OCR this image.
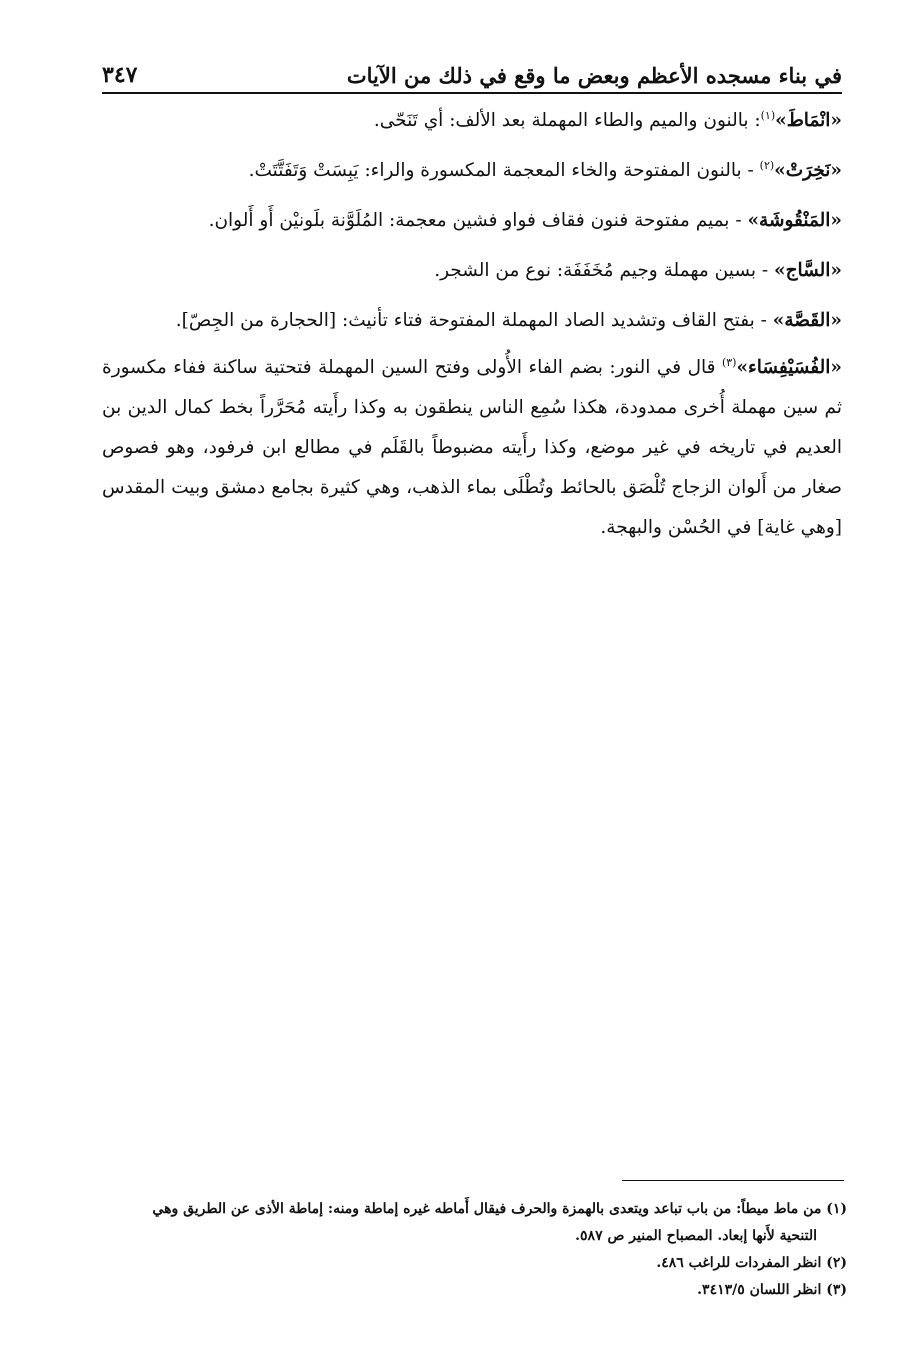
في بناء مسجده الأعظم وبعض ما وقع في ذلك من الآيات
٣٤٧

«انْمَاطَ»$^{(١)}$: بالنون والميم والطاء المهملة بعد الألف: أي تَنَحّى.

«نَخِرَتْ»$^{(٢)}$ - بالنون المفتوحة والخاء المعجمة المكسورة والراء: يَبِسَتْ وَتَفَتَّتَتْ.

«المَنْقُوشَة» - بميم مفتوحة فنون فقاف فواو فشين معجمة: المُلَوَّنة بلَونيْن أَو أَلوان.

«السَّاج» - بسين مهملة وجيم مُخَفَفَة: نوع من الشجر.

«القَصَّة» - بفتح القاف وتشديد الصاد المهملة المفتوحة فتاء تأنيث: [الحجارة من الجِصّ].

«الفُسَيْفِسَاء»$^{(٣)}$ قال في النور: بضم الفاء الأُولى وفتح السين المهملة فتحتية ساكنة ففاء مكسورة ثم سين مهملة أُخرى ممدودة، هكذا سُمِع الناس ينطقون به وكذا رأَيته مُحَرَّراً بخط كمال الدين بن العديم في تاريخه في غير موضع، وكذا رأَيته مضبوطاً بالقَلَم في مطالع ابن فرفود، وهو فصوص صغار من أَلوان الزجاج تُلْصَق بالحائط وتُطْلَى بماء الذهب، وهي كثيرة بجامع دمشق وبيت المقدس [وهي غاية] في الحُسْن والبهجة.

(١) من ماط ميطاً: من باب تباعد ويتعدى بالهمزة والحرف فيقال أَماطه غيره إماطة ومنه: إماطة الأذى عن الطريق وهي

التنحية لأَنها إبعاد. المصباح المنير ص ٥٨٧.

(٢) انظر المفردات للراغب ٤٨٦.

(٣) انظر اللسان ٣٤١٣/٥.
